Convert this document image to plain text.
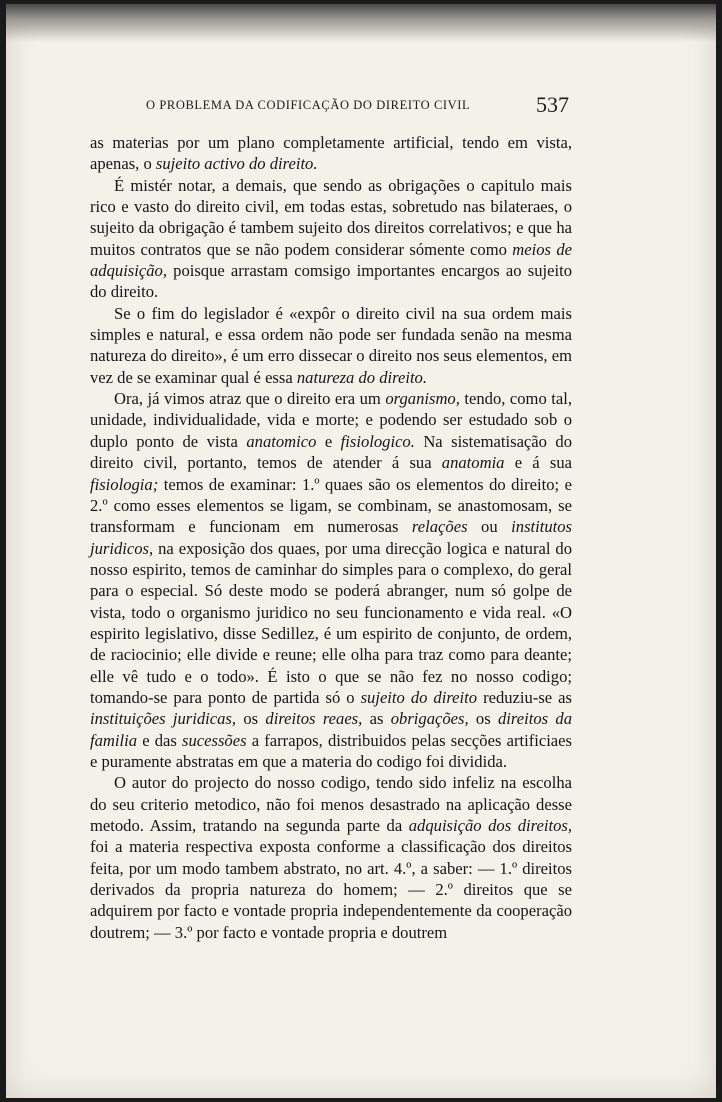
O PROBLEMA DA CODIFICAÇÃO DO DIREITO CIVIL	537

as materias por um plano completamente artificial, tendo em vista, apenas, o sujeito activo do direito.

É mistér notar, a demais, que sendo as obrigações o capitulo mais rico e vasto do direito civil, em todas estas, sobretudo nas bilateraes, o sujeito da obrigação é tambem sujeito dos direitos correlativos; e que ha muitos contratos que se não podem considerar sómente como meios de adquisição, poisque arrastam comsigo importantes encargos ao sujeito do direito.

Se o fim do legislador é «expôr o direito civil na sua ordem mais simples e natural, e essa ordem não pode ser fundada senão na mesma natureza do direito», é um erro dissecar o direito nos seus elementos, em vez de se examinar qual é essa natureza do direito.

Ora, já vimos atraz que o direito era um organismo, tendo, como tal, unidade, individualidade, vida e morte; e podendo ser estudado sob o duplo ponto de vista anatomico e fisiologico. Na sistematisação do direito civil, portanto, temos de atender á sua anatomia e á sua fisiologia; temos de examinar: 1.º quaes são os elementos do direito; e 2.º como esses elementos se ligam, se combinam, se anastomosam, se transformam e funcionam em numerosas relações ou institutos juridicos, na exposição dos quaes, por uma direcção logica e natural do nosso espirito, temos de caminhar do simples para o complexo, do geral para o especial. Só deste modo se poderá abranger, num só golpe de vista, todo o organismo juridico no seu funcionamento e vida real. «O espirito legislativo, disse Sedillez, é um espirito de conjunto, de ordem, de raciocinio; elle divide e reune; elle olha para traz como para deante; elle vê tudo e o todo». É isto o que se não fez no nosso codigo; tomando-se para ponto de partida só o sujeito do direito reduziu-se as instituições juridicas, os direitos reaes, as obrigações, os direitos da familia e das sucessões a farrapos, distribuidos pelas secções artificiaes e puramente abstratas em que a materia do codigo foi dividida.

O autor do projecto do nosso codigo, tendo sido infeliz na escolha do seu criterio metodico, não foi menos desastrado na aplicação desse metodo. Assim, tratando na segunda parte da adquisição dos direitos, foi a materia respectiva exposta conforme a classificação dos direitos feita, por um modo tambem abstrato, no art. 4.º, a saber: — 1.º direitos derivados da propria natureza do homem; — 2.º direitos que se adquirem por facto e vontade propria independentemente da cooperação doutrem; — 3.º por facto e vontade propria e doutrem
